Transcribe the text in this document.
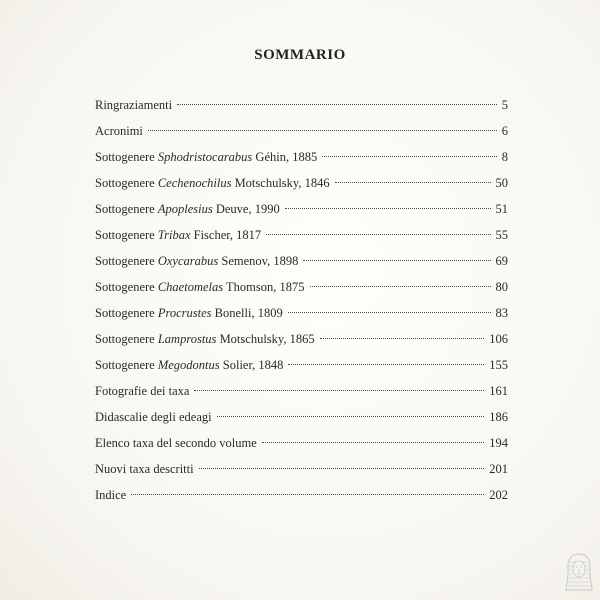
SOMMARIO
Ringraziamenti	5
Acronimi	6
Sottogenere Sphodristocarabus Géhin, 1885	8
Sottogenere Cechenochilus Motschulsky, 1846	50
Sottogenere Apoplesius Deuve, 1990	51
Sottogenere Tribax Fischer, 1817	55
Sottogenere Oxycarabus Semenov, 1898	69
Sottogenere Chaetomelas Thomson, 1875	80
Sottogenere Procrustes Bonelli, 1809	83
Sottogenere Lamprostus Motschulsky, 1865	106
Sottogenere Megodontus Solier, 1848	155
Fotografie dei taxa	161
Didascalie degli edeagi	186
Elenco taxa del secondo volume	194
Nuovi taxa descritti	201
Indice	202
